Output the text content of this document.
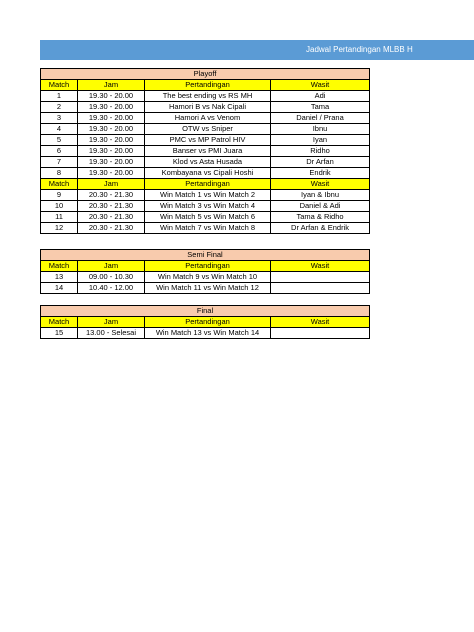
Jadwal Pertandingan MLBB H
Playoff			
Match	Jam	Pertandingan	Wasit
1	19.30 - 20.00	The best ending vs RS MH	Adi
2	19.30 - 20.00	Hamori B vs Nak Cipali	Tama
3	19.30 - 20.00	Hamori A vs Venom	Daniel / Prana
4	19.30 - 20.00	OTW vs Sniper	Ibnu
5	19.30 - 20.00	PMC vs MP Patrol HIV	Iyan
6	19.30 - 20.00	Banser vs PMI Juara	Ridho
7	19.30 - 20.00	Klod vs Asta Husada	Dr Arfan
8	19.30 - 20.00	Kombayana vs Cipali Hoshi	Endrik
Match	Jam	Pertandingan	Wasit
9	20.30 - 21.30	Win Match 1 vs Win Match 2	Iyan & Ibnu
10	20.30 - 21.30	Win Match 3 vs Win Match 4	Daniel & Adi
11	20.30 - 21.30	Win Match 5 vs Win Match 6	Tama & Ridho
12	20.30 - 21.30	Win Match 7 vs Win Match 8	Dr Arfan & Endrik
Semi Final			
Match	Jam	Pertandingan	Wasit
13	09.00 - 10.30	Win Match 9 vs Win Match 10	
14	10.40 - 12.00	Win Match 11 vs Win Match 12	
Final			
Match	Jam	Pertandingan	Wasit
15	13.00 - Selesai	Win Match 13 vs Win Match 14	
